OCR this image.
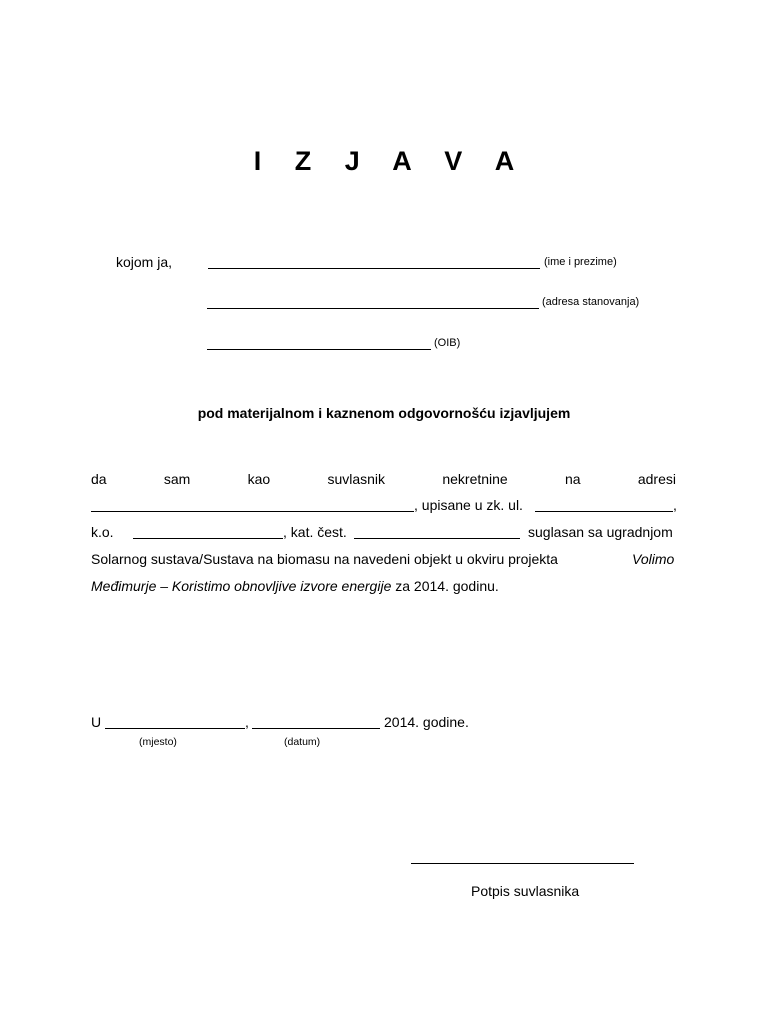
I Z J A V A
kojom ja,	(ime i prezime)
(adresa stanovanja)
(OIB)
pod materijalnom i kaznenom odgovornošću izjavljujem
da	sam	kao	suvlasnik	nekretnine	na	adresi
, upisane u zk. ul.	,
k.o.	, kat. čest.	suglasan sa ugradnjom
Solarnog sustava/Sustava na biomasu na navedeni objekt u okviru projekta	Volimo
Međimurje – Koristimo obnovljive izvore energije za 2014. godinu.
U	,	2014. godine.
(mjesto)	(datum)
Potpis suvlasnika
